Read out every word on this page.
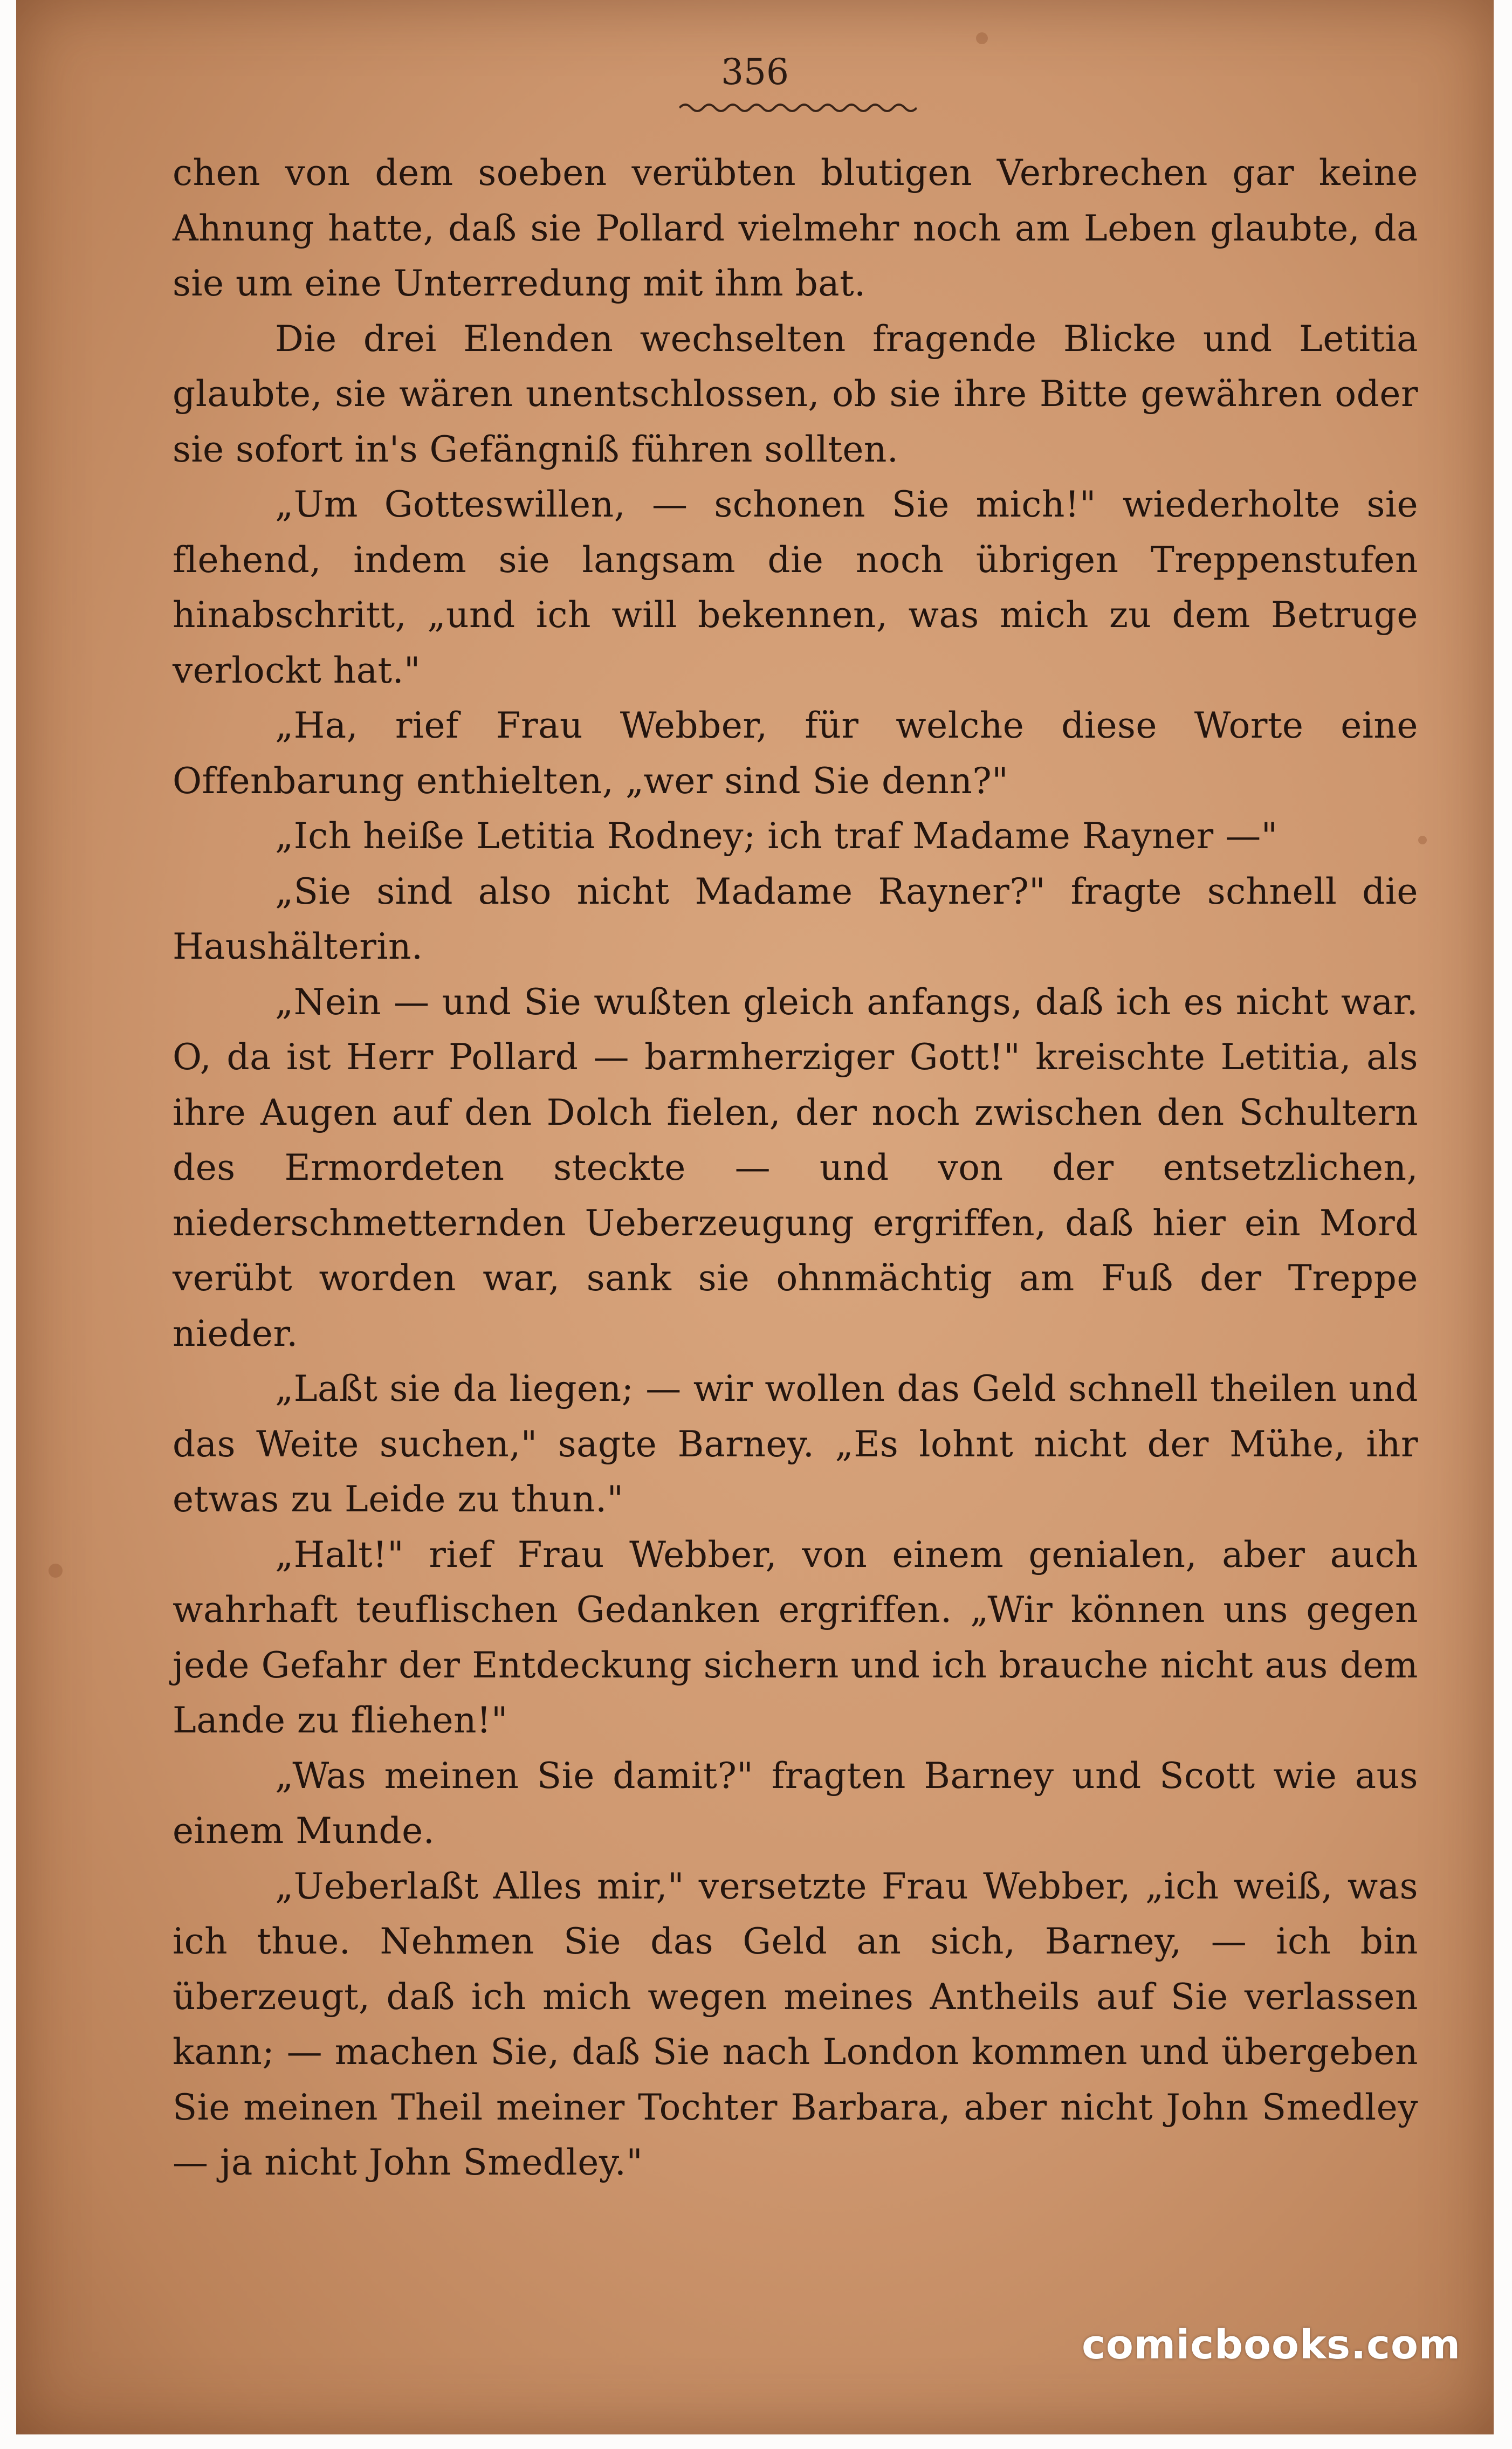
356

chen von dem soeben verübten blutigen Verbrechen gar keine Ahnung hatte, daß sie Pollard vielmehr noch am Leben glaubte, da sie um eine Unterredung mit ihm bat.

Die drei Elenden wechselten fragende Blicke und Letitia glaubte, sie wären unentschlossen, ob sie ihre Bitte gewähren oder sie sofort in's Gefängniß führen sollten.

„Um Gotteswillen, — schonen Sie mich!" wiederholte sie flehend, indem sie langsam die noch übrigen Treppenstufen hinabschritt, „und ich will bekennen, was mich zu dem Betruge verlockt hat."

„Ha, rief Frau Webber, für welche diese Worte eine Offenbarung enthielten, „wer sind Sie denn?"

„Ich heiße Letitia Rodney; ich traf Madame Rayner —"

„Sie sind also nicht Madame Rayner?" fragte schnell die Haushälterin.

„Nein — und Sie wußten gleich anfangs, daß ich es nicht war. O, da ist Herr Pollard — barmherziger Gott!" kreischte Letitia, als ihre Augen auf den Dolch fielen, der noch zwischen den Schultern des Ermordeten steckte — und von der entsetzlichen, niederschmetternden Ueberzeugung ergriffen, daß hier ein Mord verübt worden war, sank sie ohnmächtig am Fuß der Treppe nieder.

„Laßt sie da liegen; — wir wollen das Geld schnell theilen und das Weite suchen," sagte Barney. „Es lohnt nicht der Mühe, ihr etwas zu Leide zu thun."

„Halt!" rief Frau Webber, von einem genialen, aber auch wahrhaft teuflischen Gedanken ergriffen. „Wir können uns gegen jede Gefahr der Entdeckung sichern und ich brauche nicht aus dem Lande zu fliehen!"

„Was meinen Sie damit?" fragten Barney und Scott wie aus einem Munde.

„Ueberlaßt Alles mir," versetzte Frau Webber, „ich weiß, was ich thue. Nehmen Sie das Geld an sich, Barney, — ich bin überzeugt, daß ich mich wegen meines Antheils auf Sie verlassen kann; — machen Sie, daß Sie nach London kommen und übergeben Sie meinen Theil meiner Tochter Barbara, aber nicht John Smedley — ja nicht John Smedley."

comicbooks.com
